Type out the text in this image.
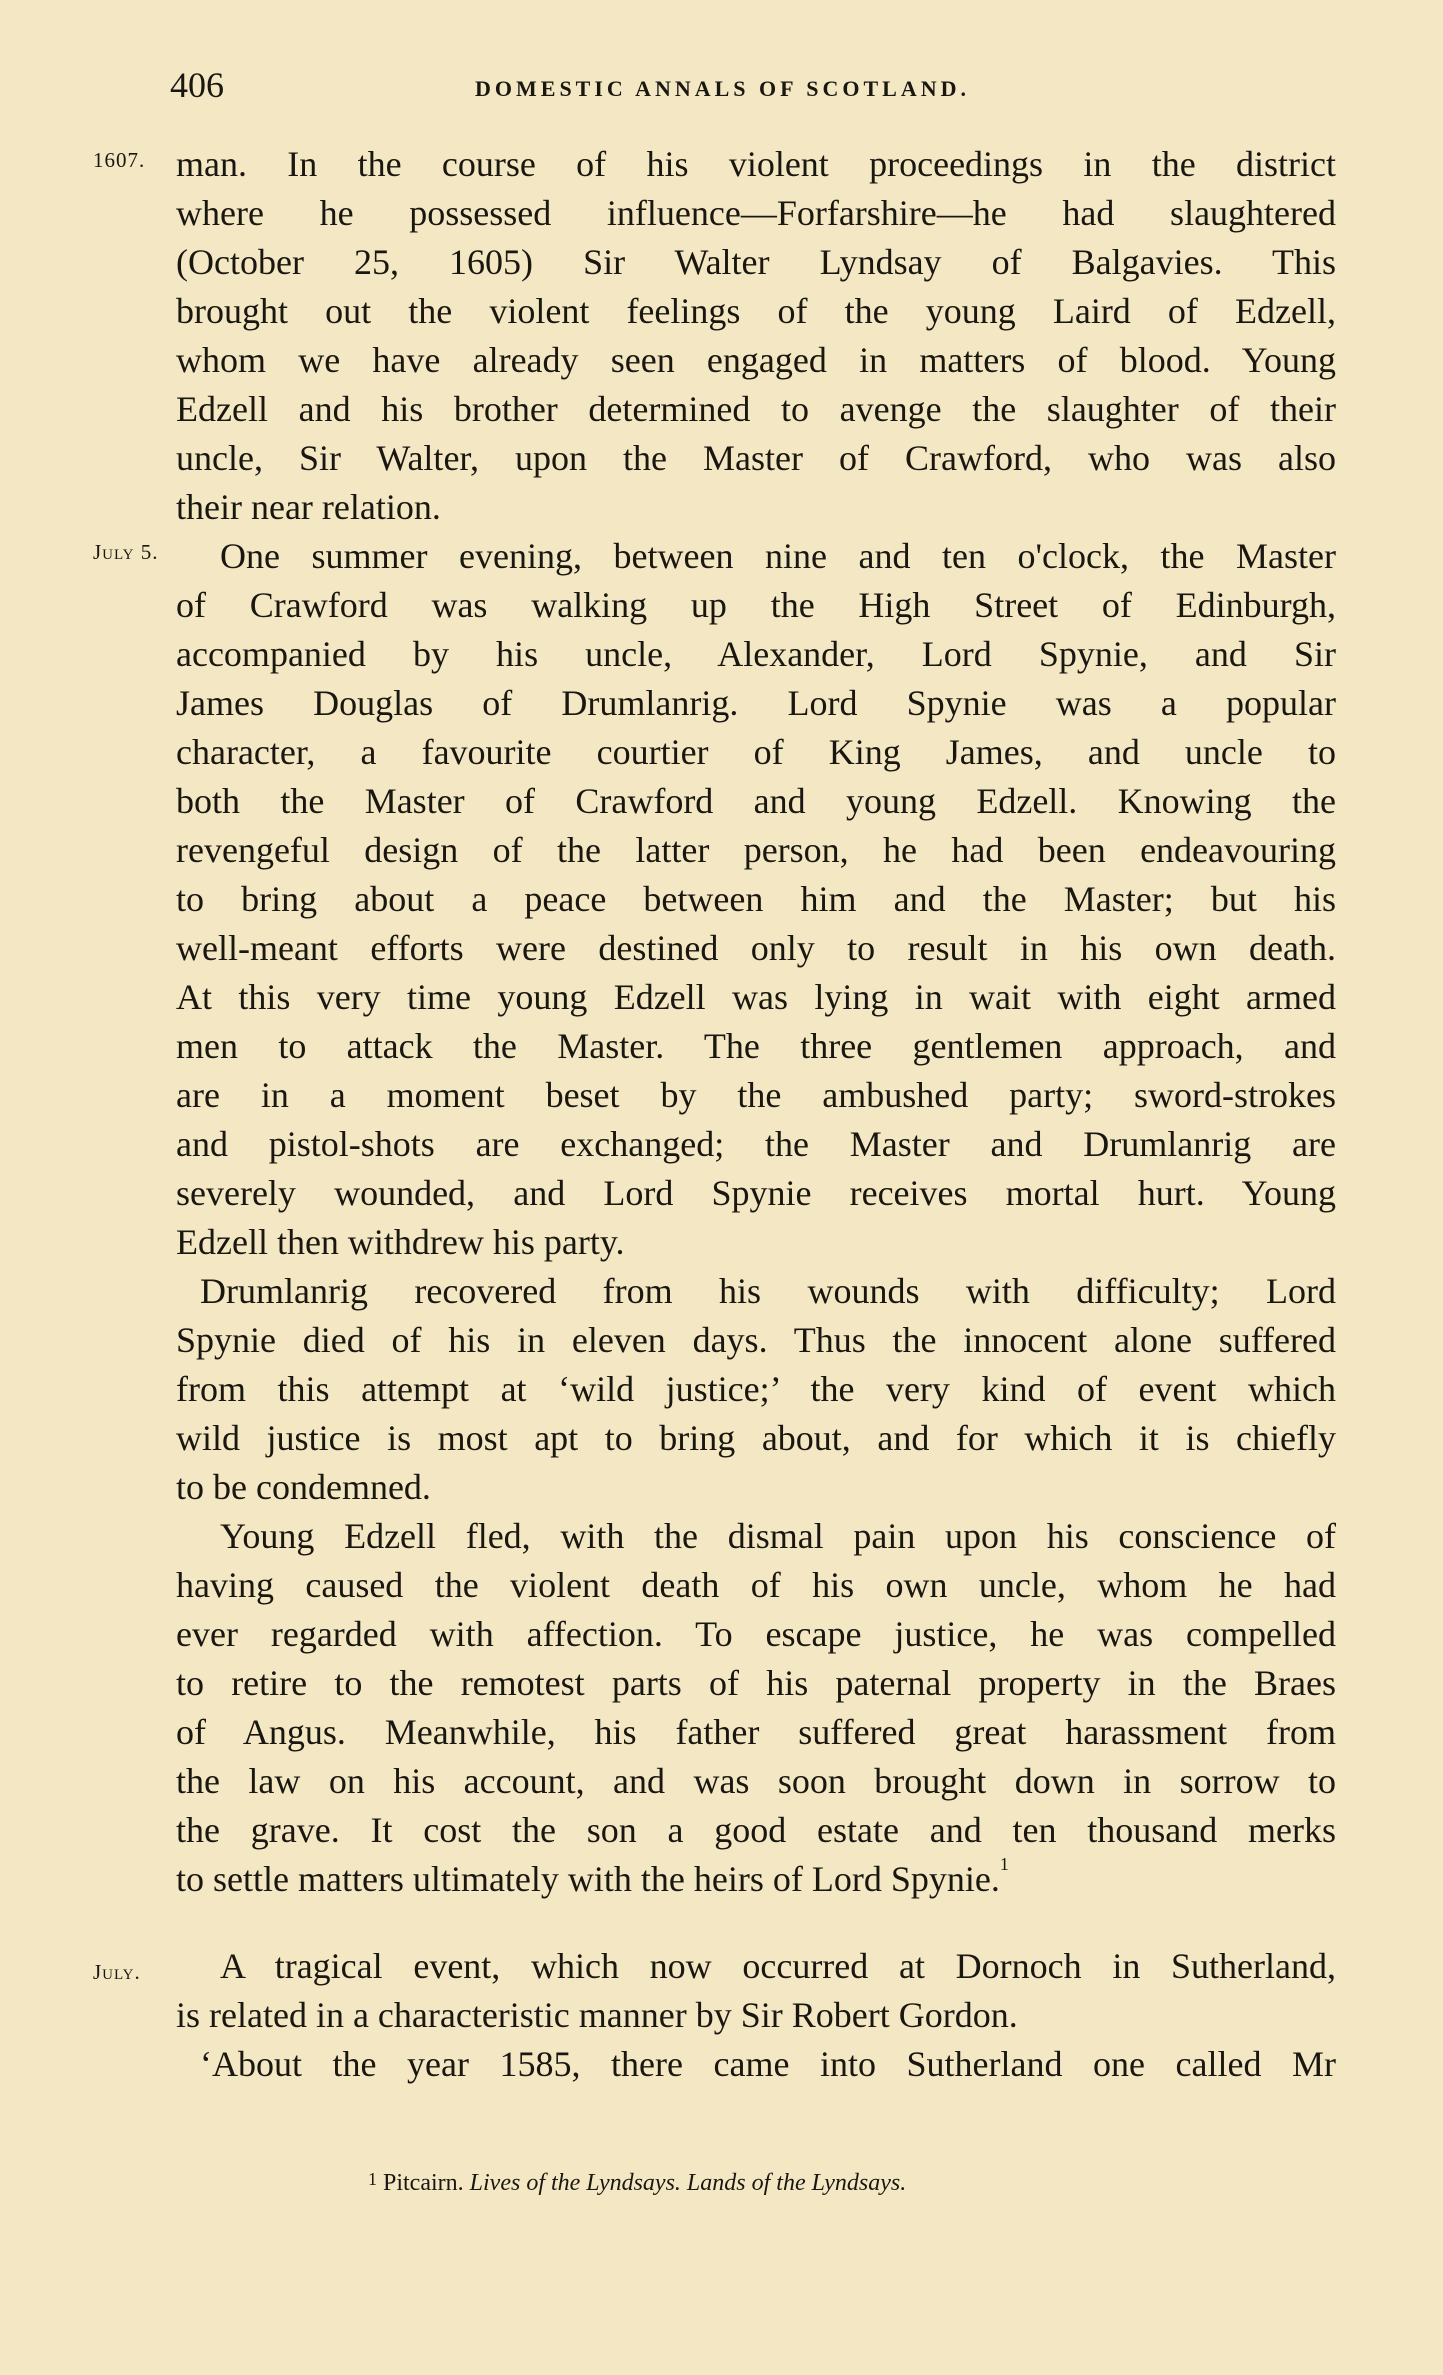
406	DOMESTIC ANNALS OF SCOTLAND.
1607.
July 5.
July.
man. In the course of his violent proceedings in the district
where he possessed influence—Forfarshire—he had slaughtered
(October 25, 1605) Sir Walter Lyndsay of Balgavies. This
brought out the violent feelings of the young Laird of Edzell,
whom we have already seen engaged in matters of blood. Young
Edzell and his brother determined to avenge the slaughter of their
uncle, Sir Walter, upon the Master of Crawford, who was also
their near relation.
One summer evening, between nine and ten o'clock, the Master
of Crawford was walking up the High Street of Edinburgh,
accompanied by his uncle, Alexander, Lord Spynie, and Sir
James Douglas of Drumlanrig. Lord Spynie was a popular
character, a favourite courtier of King James, and uncle to
both the Master of Crawford and young Edzell. Knowing the
revengeful design of the latter person, he had been endeavouring
to bring about a peace between him and the Master; but his
well-meant efforts were destined only to result in his own death.
At this very time young Edzell was lying in wait with eight armed
men to attack the Master. The three gentlemen approach, and
are in a moment beset by the ambushed party; sword-strokes
and pistol-shots are exchanged; the Master and Drumlanrig are
severely wounded, and Lord Spynie receives mortal hurt. Young
Edzell then withdrew his party.
Drumlanrig recovered from his wounds with difficulty; Lord
Spynie died of his in eleven days. Thus the innocent alone suffered
from this attempt at ‘wild justice;’ the very kind of event which
wild justice is most apt to bring about, and for which it is chiefly
to be condemned.
Young Edzell fled, with the dismal pain upon his conscience of
having caused the violent death of his own uncle, whom he had
ever regarded with affection. To escape justice, he was compelled
to retire to the remotest parts of his paternal property in the Braes
of Angus. Meanwhile, his father suffered great harassment from
the law on his account, and was soon brought down in sorrow to
the grave. It cost the son a good estate and ten thousand merks
to settle matters ultimately with the heirs of Lord Spynie.$^1$
A tragical event, which now occurred at Dornoch in Sutherland,
is related in a characteristic manner by Sir Robert Gordon.
‘About the year 1585, there came into Sutherland one called Mr
$^1$ Pitcairn. Lives of the Lyndsays. Lands of the Lyndsays.
